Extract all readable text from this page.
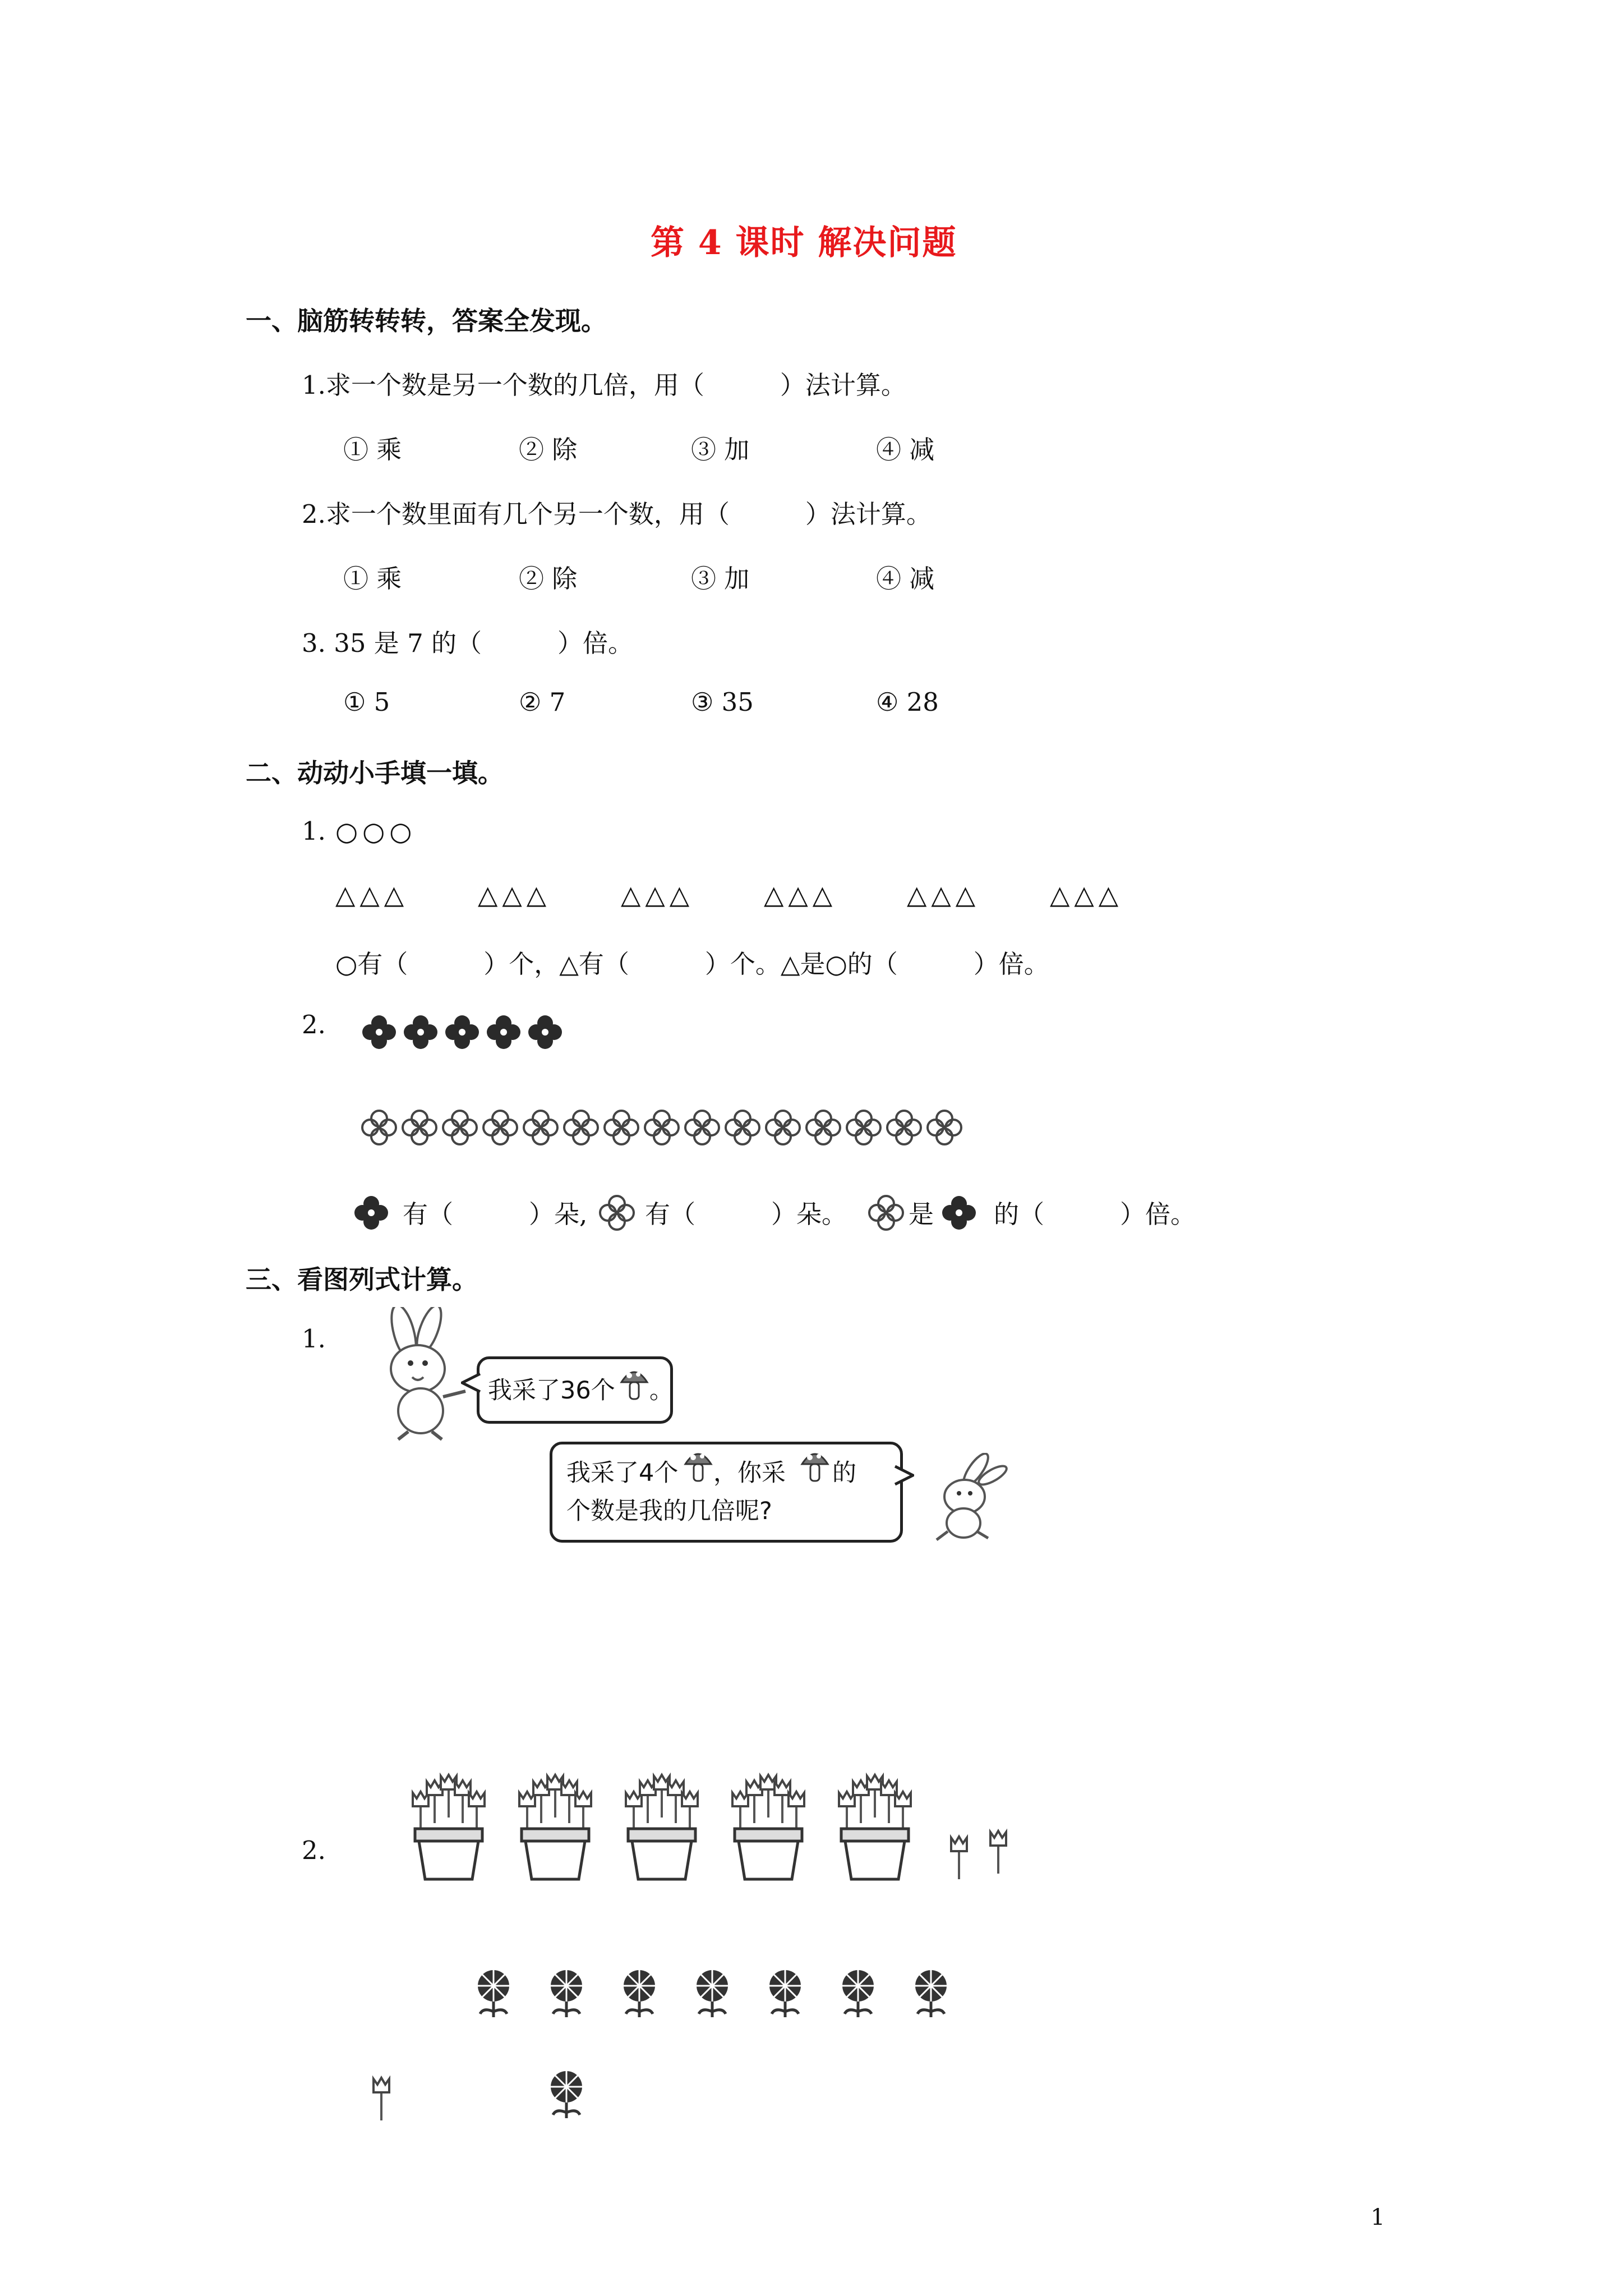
第 4 课时 解决问题
一、脑筋转转转，答案全发现。
1.求一个数是另一个数的几倍，用（　　　）法计算。
① 乘	② 除	③ 加	④ 减
2.求一个数里面有几个另一个数，用（　　　）法计算。
① 乘	② 除	③ 加	④ 减
3. 35 是 7 的（　　　）倍。
① 5	② 7	③ 35	④ 28
二、动动小手填一填。
1. ○○○
△△△	△△△	△△△	△△△	△△△	△△△
○有（　　　）个，△有（　　　）个。△是○的（　　　）倍。
2.
有（　　　）朵, 有（　　　）朵。 是 的（　　　）倍。
三、看图列式计算。
1.
我采了36个 。
我采了4个 ，你采 的
个数是我的几倍呢?
2.
1
